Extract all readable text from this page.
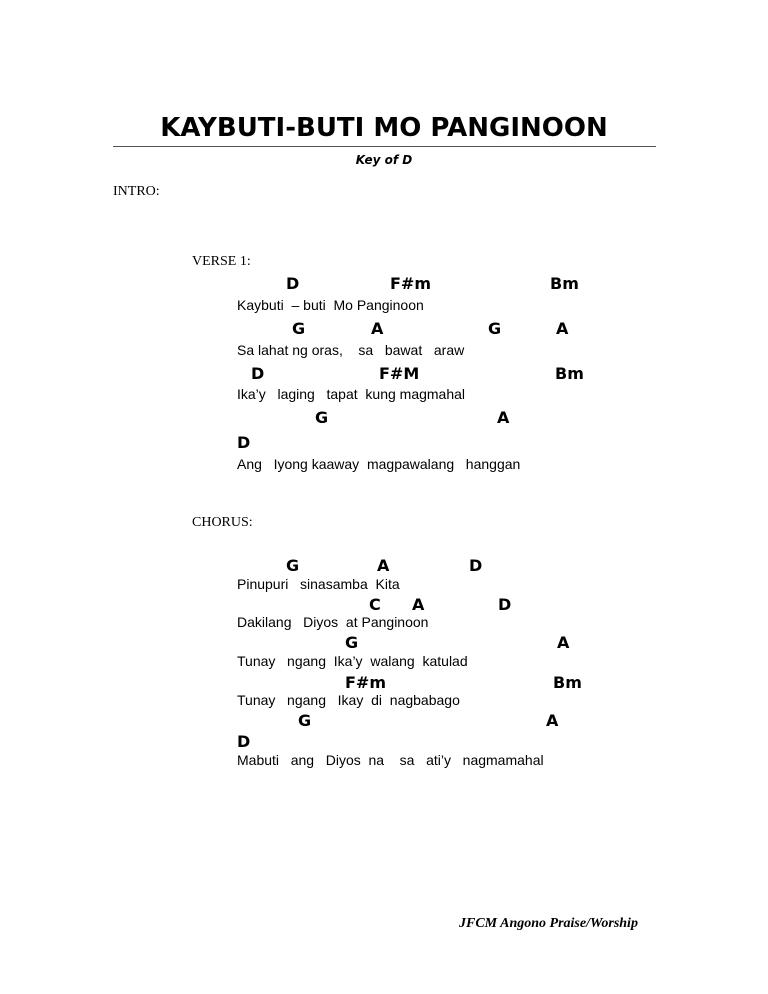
KAYBUTI-BUTI MO PANGINOON
Key of D
INTRO:
VERSE 1:
D	F#m	Bm
Kaybuti  – buti  Mo Panginoon
G	A	G	A
Sa lahat ng oras,    sa   bawat   araw
D	F#M	Bm
Ika’y   laging   tapat  kung magmahal
G	A
D
Ang   Iyong kaaway  magpawalang   hanggan
CHORUS:
G	A	D
Pinupuri   sinasamba  Kita
C A	D
Dakilang   Diyos  at Panginoon
G	A
Tunay   ngang  Ika’y  walang  katulad
F#m	Bm
Tunay   ngang   Ikay  di  nagbabago
G	A
D
Mabuti   ang   Diyos  na    sa   ati’y   nagmamahal
JFCM Angono Praise/Worship
